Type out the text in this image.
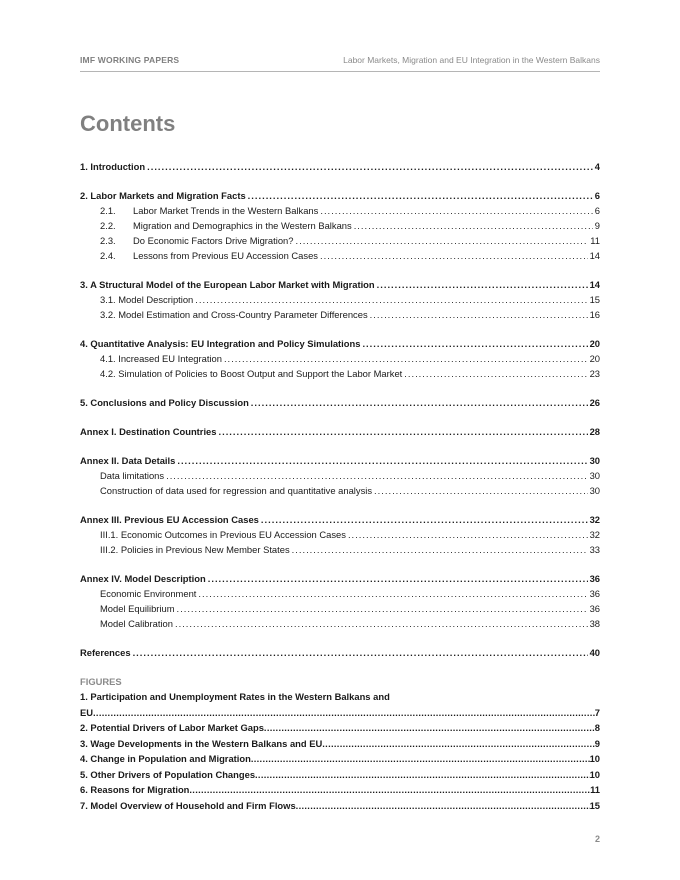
IMF WORKING PAPERS	Labor Markets, Migration and EU Integration in the Western Balkans
Contents
1. Introduction .....	4
2. Labor Markets and Migration Facts .....	6
2.1.	Labor Market Trends in the Western Balkans .....	6
2.2.	Migration and Demographics in the Western Balkans .....	9
2.3.	Do Economic Factors Drive Migration? .....	11
2.4.	Lessons from Previous EU Accession Cases .....	14
3. A Structural Model of the European Labor Market with Migration .....	14
3.1. Model Description .....	15
3.2. Model Estimation and Cross-Country Parameter Differences .....	16
4. Quantitative Analysis: EU Integration and Policy Simulations .....	20
4.1. Increased EU Integration .....	20
4.2. Simulation of Policies to Boost Output and Support the Labor Market .....	23
5. Conclusions and Policy Discussion .....	26
Annex I. Destination Countries .....	28
Annex II. Data Details .....	30
Data limitations .....	30
Construction of data used for regression and quantitative analysis .....	30
Annex III. Previous EU Accession Cases .....	32
III.1. Economic Outcomes in Previous EU Accession Cases .....	32
III.2. Policies in Previous New Member States .....	33
Annex IV. Model Description .....	36
Economic Environment .....	36
Model Equilibrium .....	36
Model Calibration .....	38
References .....	40
FIGURES
1. Participation and Unemployment Rates in the Western Balkans and
EU .....	7
2. Potential Drivers of Labor Market Gaps .....	8
3. Wage Developments in the Western Balkans and EU .....	9
4. Change in Population and Migration .....	10
5. Other Drivers of Population Changes .....	10
6. Reasons for Migration .....	11
7. Model Overview of Household and Firm Flows .....	15
2
